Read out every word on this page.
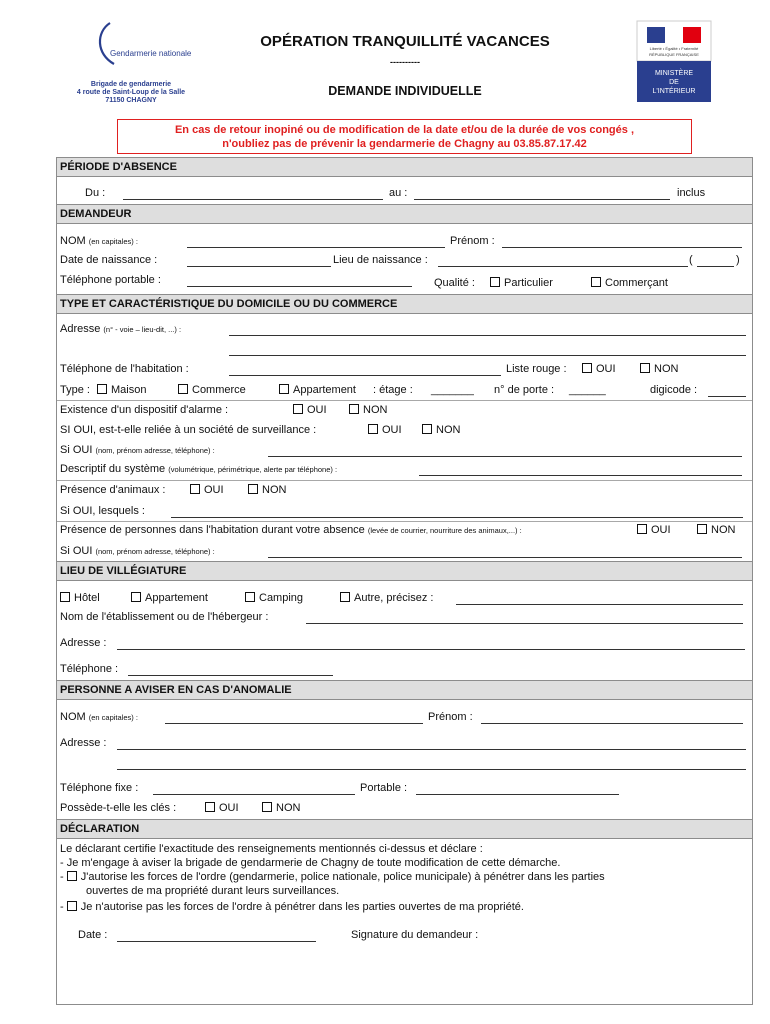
Gendarmerie nationale
Brigade de gendarmerie
4 route de Saint-Loup de la Salle
71150 CHAGNY
OPÉRATION TRANQUILLITÉ VACANCES
----------
DEMANDE INDIVIDUELLE
Liberté • Égalité • Fraternité
RÉPUBLIQUE FRANÇAISE
MINISTÈRE
DE
L'INTÉRIEUR
En cas de retour inopiné ou de modification de la date et/ou de la durée de vos congés ,
n'oubliez pas de prévenir la gendarmerie de Chagny au 03.85.87.17.42
PÉRIODE D'ABSENCE
Du :	au :	inclus
DEMANDEUR
NOM (en capitales) :	Prénom :
Date de naissance :	Lieu de naissance :	(	)
Téléphone portable :	Qualité :	Particulier	Commerçant
TYPE ET CARACTÉRISTIQUE DU DOMICILE OU DU COMMERCE
Adresse (n° - voie – lieu-dit, ...) :
Téléphone de l'habitation :	Liste rouge :	OUI	NON
Type :	Maison	Commerce	Appartement : étage : _______ n° de porte : ______	digicode :
Existence d'un dispositif d'alarme :	OUI	NON
SI OUI, est-t-elle reliée à un société de surveillance :	OUI	NON
Si OUI (nom, prénom adresse, téléphone) :
Descriptif du système (volumétrique, périmétrique, alerte par téléphone) :
Présence d'animaux :	OUI	NON
Si OUI, lesquels :
Présence de personnes dans l'habitation durant votre absence (levée de courrier, nourriture des animaux,...) :	OUI	NON
Si OUI (nom, prénom adresse, téléphone) :
LIEU DE VILLÉGIATURE
Hôtel	Appartement	Camping	Autre, précisez :
Nom de l'établissement ou de l'hébergeur :
Adresse :
Téléphone :
PERSONNE A AVISER EN CAS D'ANOMALIE
NOM (en capitales) :	Prénom :
Adresse :
Téléphone fixe :	Portable :
Possède-t-elle les clés :	OUI	NON
DÉCLARATION
Le déclarant certifie l'exactitude des renseignements mentionnés ci-dessus et déclare :
- Je m'engage à aviser la brigade de gendarmerie de Chagny de toute modification de cette démarche.
- J'autorise les forces de l'ordre (gendarmerie, police nationale, police municipale) à pénétrer dans les parties
ouvertes de ma propriété durant leurs surveillances.
- Je n'autorise pas les forces de l'ordre à pénétrer dans les parties ouvertes de ma propriété.
Date :	Signature du demandeur :
